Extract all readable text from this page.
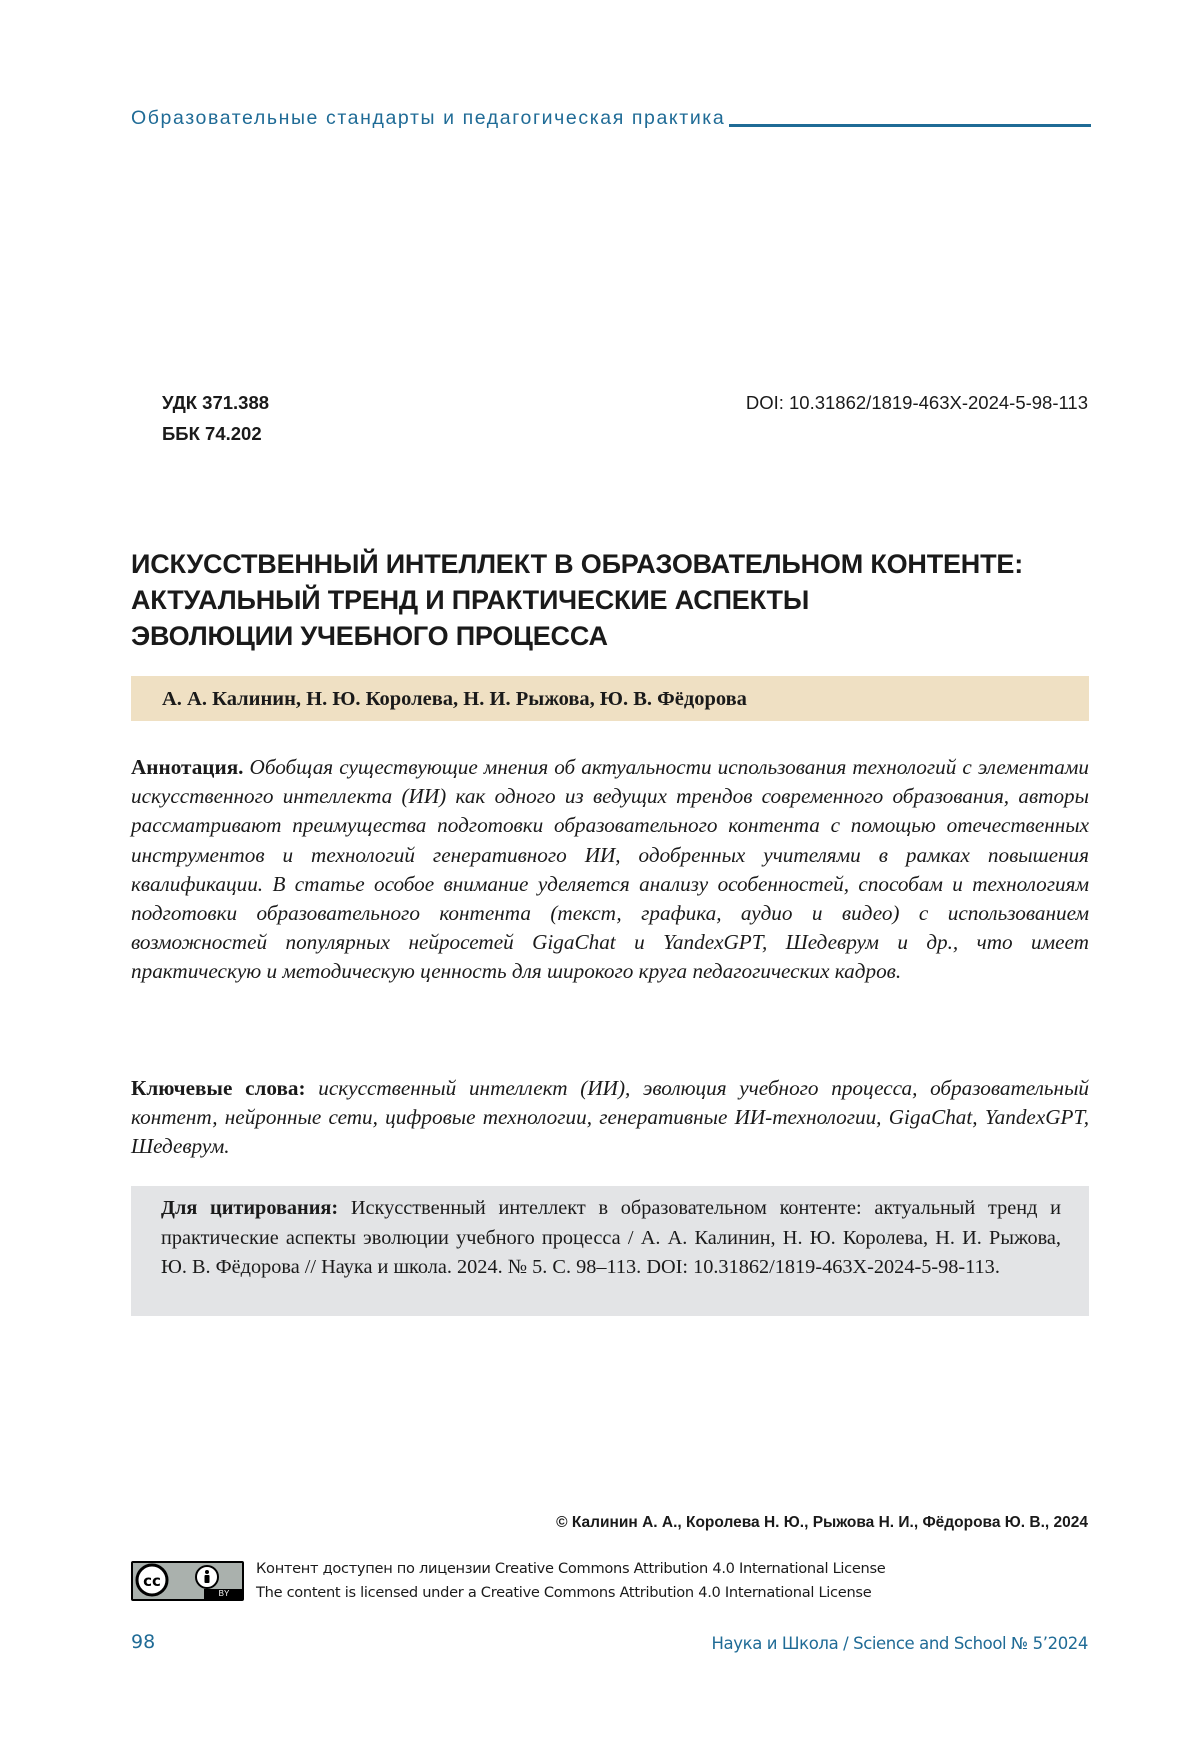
Образовательные стандарты и педагогическая практика
УДК 371.388
ББК 74.202
DOI: 10.31862/1819-463X-2024-5-98-113
ИСКУССТВЕННЫЙ ИНТЕЛЛЕКТ В ОБРАЗОВАТЕЛЬНОМ КОНТЕНТЕ:
АКТУАЛЬНЫЙ ТРЕНД И ПРАКТИЧЕСКИЕ АСПЕКТЫ
ЭВОЛЮЦИИ УЧЕБНОГО ПРОЦЕССА
А. А. Калинин, Н. Ю. Королева, Н. И. Рыжова, Ю. В. Фёдорова

Аннотация. Обобщая существующие мнения об актуальности использования технологий с элементами искусственного интеллекта (ИИ) как одного из ведущих трендов современного образования, авторы рассматривают преимущества подготовки образовательного контента с помощью отечественных инструментов и технологий генеративного ИИ, одобренных учителями в рамках повышения квалификации. В статье особое внимание уделяется анализу особенностей, способам и технологиям подготовки образовательного контента (текст, графика, аудио и видео) с использованием возможностей популярных нейросетей GigaChat и YandexGPT, Шедеврум и др., что имеет практическую и методическую ценность для широкого круга педагогических кадров.

Ключевые слова: искусственный интеллект (ИИ), эволюция учебного процесса, образовательный контент, нейронные сети, цифровые технологии, генеративные ИИ-технологии, GigaChat, YandexGPT, Шедеврум.

Для цитирования: Искусственный интеллект в образовательном контенте: актуальный тренд и практические аспекты эволюции учебного процесса / А. А. Калинин, Н. Ю. Королева, Н. И. Рыжова, Ю. В. Фёдорова // Наука и школа. 2024. № 5. С. 98–113. DOI: 10.31862/1819-463X-2024-5-98-113.

© Калинин А. А., Королева Н. Ю., Рыжова Н. И., Фёдорова Ю. В., 2024
cc
BY
Контент доступен по лицензии Creative Commons Attribution 4.0 International License
The content is licensed under a Creative Commons Attribution 4.0 International License
98	Наука и Школа / Science and School № 5’2024
